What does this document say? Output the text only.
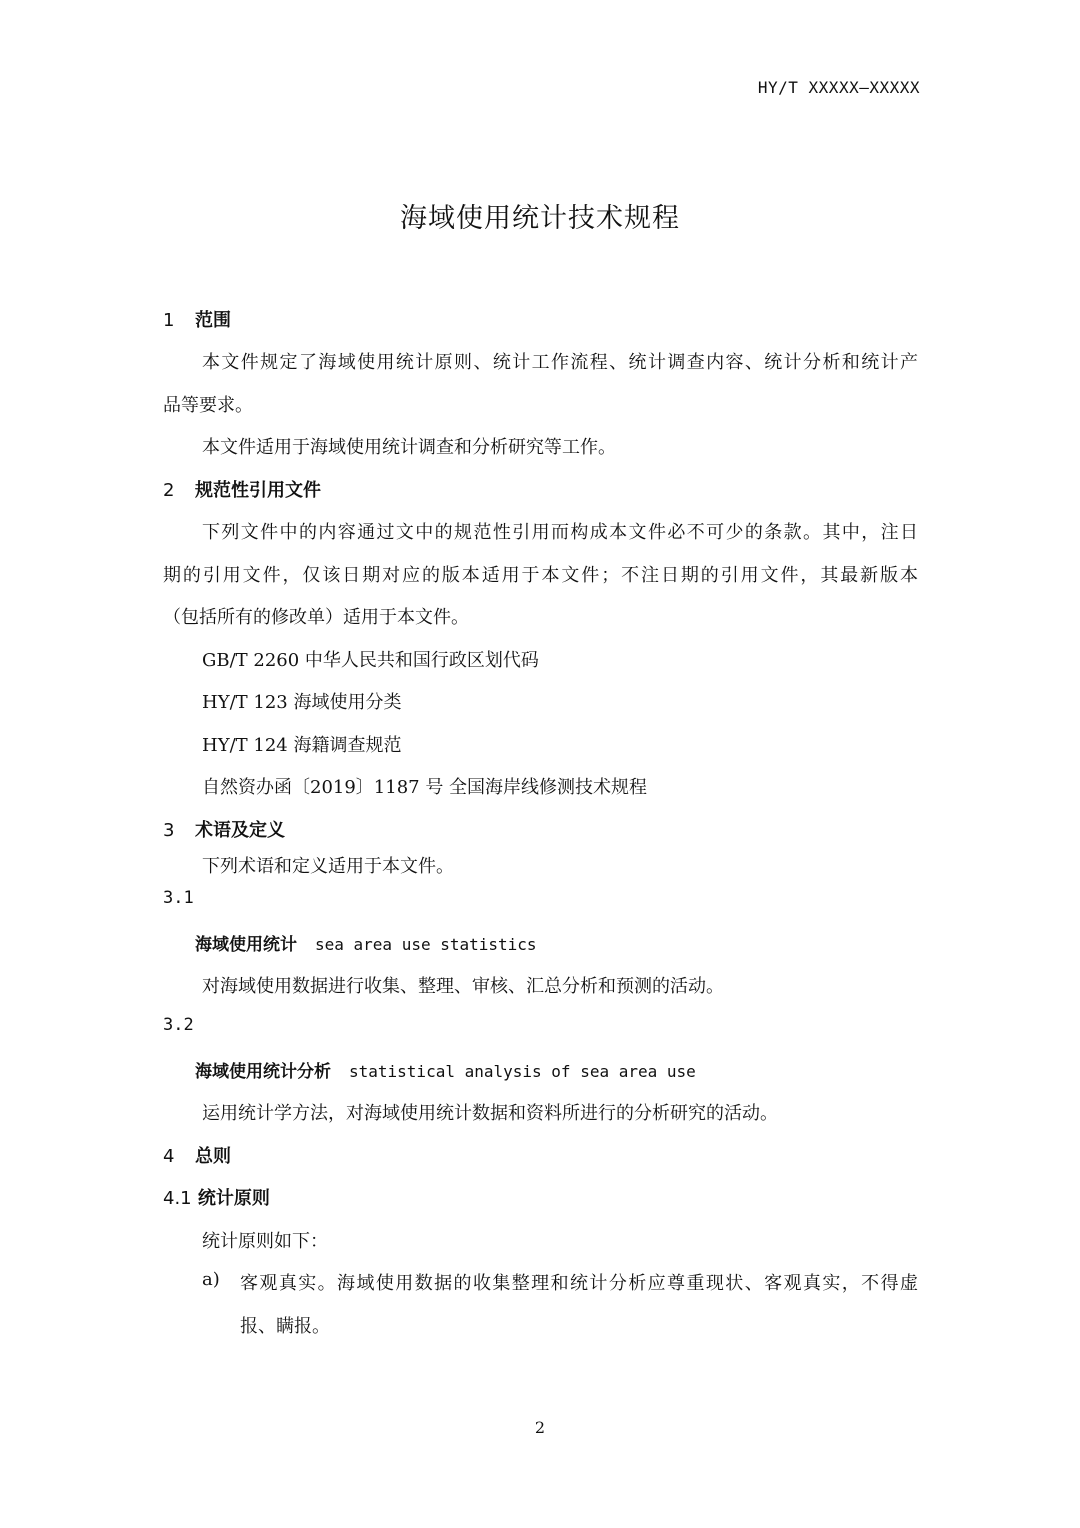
HY/T XXXXX—XXXXX
海域使用统计技术规程
1 范围
本文件规定了海域使用统计原则、统计工作流程、统计调查内容、统计分析和统计产
品等要求。
本文件适用于海域使用统计调查和分析研究等工作。
2 规范性引用文件
下列文件中的内容通过文中的规范性引用而构成本文件必不可少的条款。其中，注日
期的引用文件，仅该日期对应的版本适用于本文件；不注日期的引用文件，其最新版本
（包括所有的修改单）适用于本文件。
GB/T 2260 中华人民共和国行政区划代码
HY/T 123 海域使用分类
HY/T 124 海籍调查规范
自然资办函〔2019〕1187 号 全国海岸线修测技术规程
3 术语及定义
下列术语和定义适用于本文件。
3.1
海域使用统计 sea area use statistics
对海域使用数据进行收集、整理、审核、汇总分析和预测的活动。
3.2
海域使用统计分析 statistical analysis of sea area use
运用统计学方法，对海域使用统计数据和资料所进行的分析研究的活动。
4 总则
4.1 统计原则
统计原则如下：
a) 客观真实。海域使用数据的收集整理和统计分析应尊重现状、客观真实，不得虚
报、瞒报。
2
